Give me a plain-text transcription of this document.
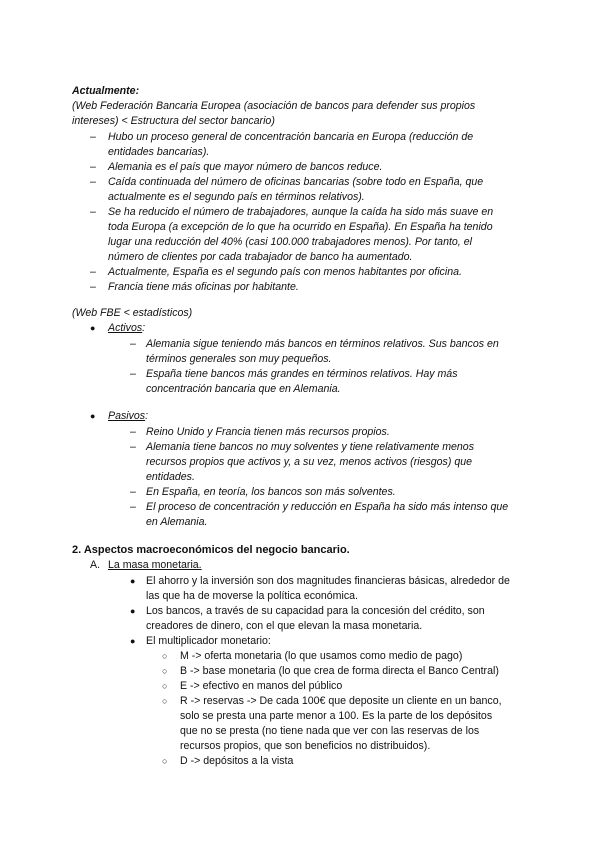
Actualmente:
(Web Federación Bancaria Europea (asociación de bancos para defender sus propios
intereses) < Estructura del sector bancario)
– Hubo un proceso general de concentración bancaria en Europa (reducción de
entidades bancarias).
– Alemania es el país que mayor número de bancos reduce.
– Caída continuada del número de oficinas bancarias (sobre todo en España, que
actualmente es el segundo país en términos relativos).
– Se ha reducido el número de trabajadores, aunque la caída ha sido más suave en
toda Europa (a excepción de lo que ha ocurrido en España). En España ha tenido
lugar una reducción del 40% (casi 100.000 trabajadores menos). Por tanto, el
número de clientes por cada trabajador de banco ha aumentado.
– Actualmente, España es el segundo país con menos habitantes por oficina.
– Francia tiene más oficinas por habitante.
(Web FBE < estadísticos)
● Activos:
– Alemania sigue teniendo más bancos en términos relativos. Sus bancos en
términos generales son muy pequeños.
– España tiene bancos más grandes en términos relativos. Hay más
concentración bancaria que en Alemania.
● Pasivos:
– Reino Unido y Francia tienen más recursos propios.
– Alemania tiene bancos no muy solventes y tiene relativamente menos
recursos propios que activos y, a su vez, menos activos (riesgos) que
entidades.
– En España, en teoría, los bancos son más solventes.
– El proceso de concentración y reducción en España ha sido más intenso que
en Alemania.
2. Aspectos macroeconómicos del negocio bancario.
A. La masa monetaria.
● El ahorro y la inversión son dos magnitudes financieras básicas, alrededor de
las que ha de moverse la política económica.
● Los bancos, a través de su capacidad para la concesión del crédito, son
creadores de dinero, con el que elevan la masa monetaria.
● El multiplicador monetario:
○ M -> oferta monetaria (lo que usamos como medio de pago)
○ B -> base monetaria (lo que crea de forma directa el Banco Central)
○ E -> efectivo en manos del público
○ R -> reservas -> De cada 100€ que deposite un cliente en un banco,
solo se presta una parte menor a 100. Es la parte de los depósitos
que no se presta (no tiene nada que ver con las reservas de los
recursos propios, que son beneficios no distribuidos).
○ D -> depósitos a la vista
